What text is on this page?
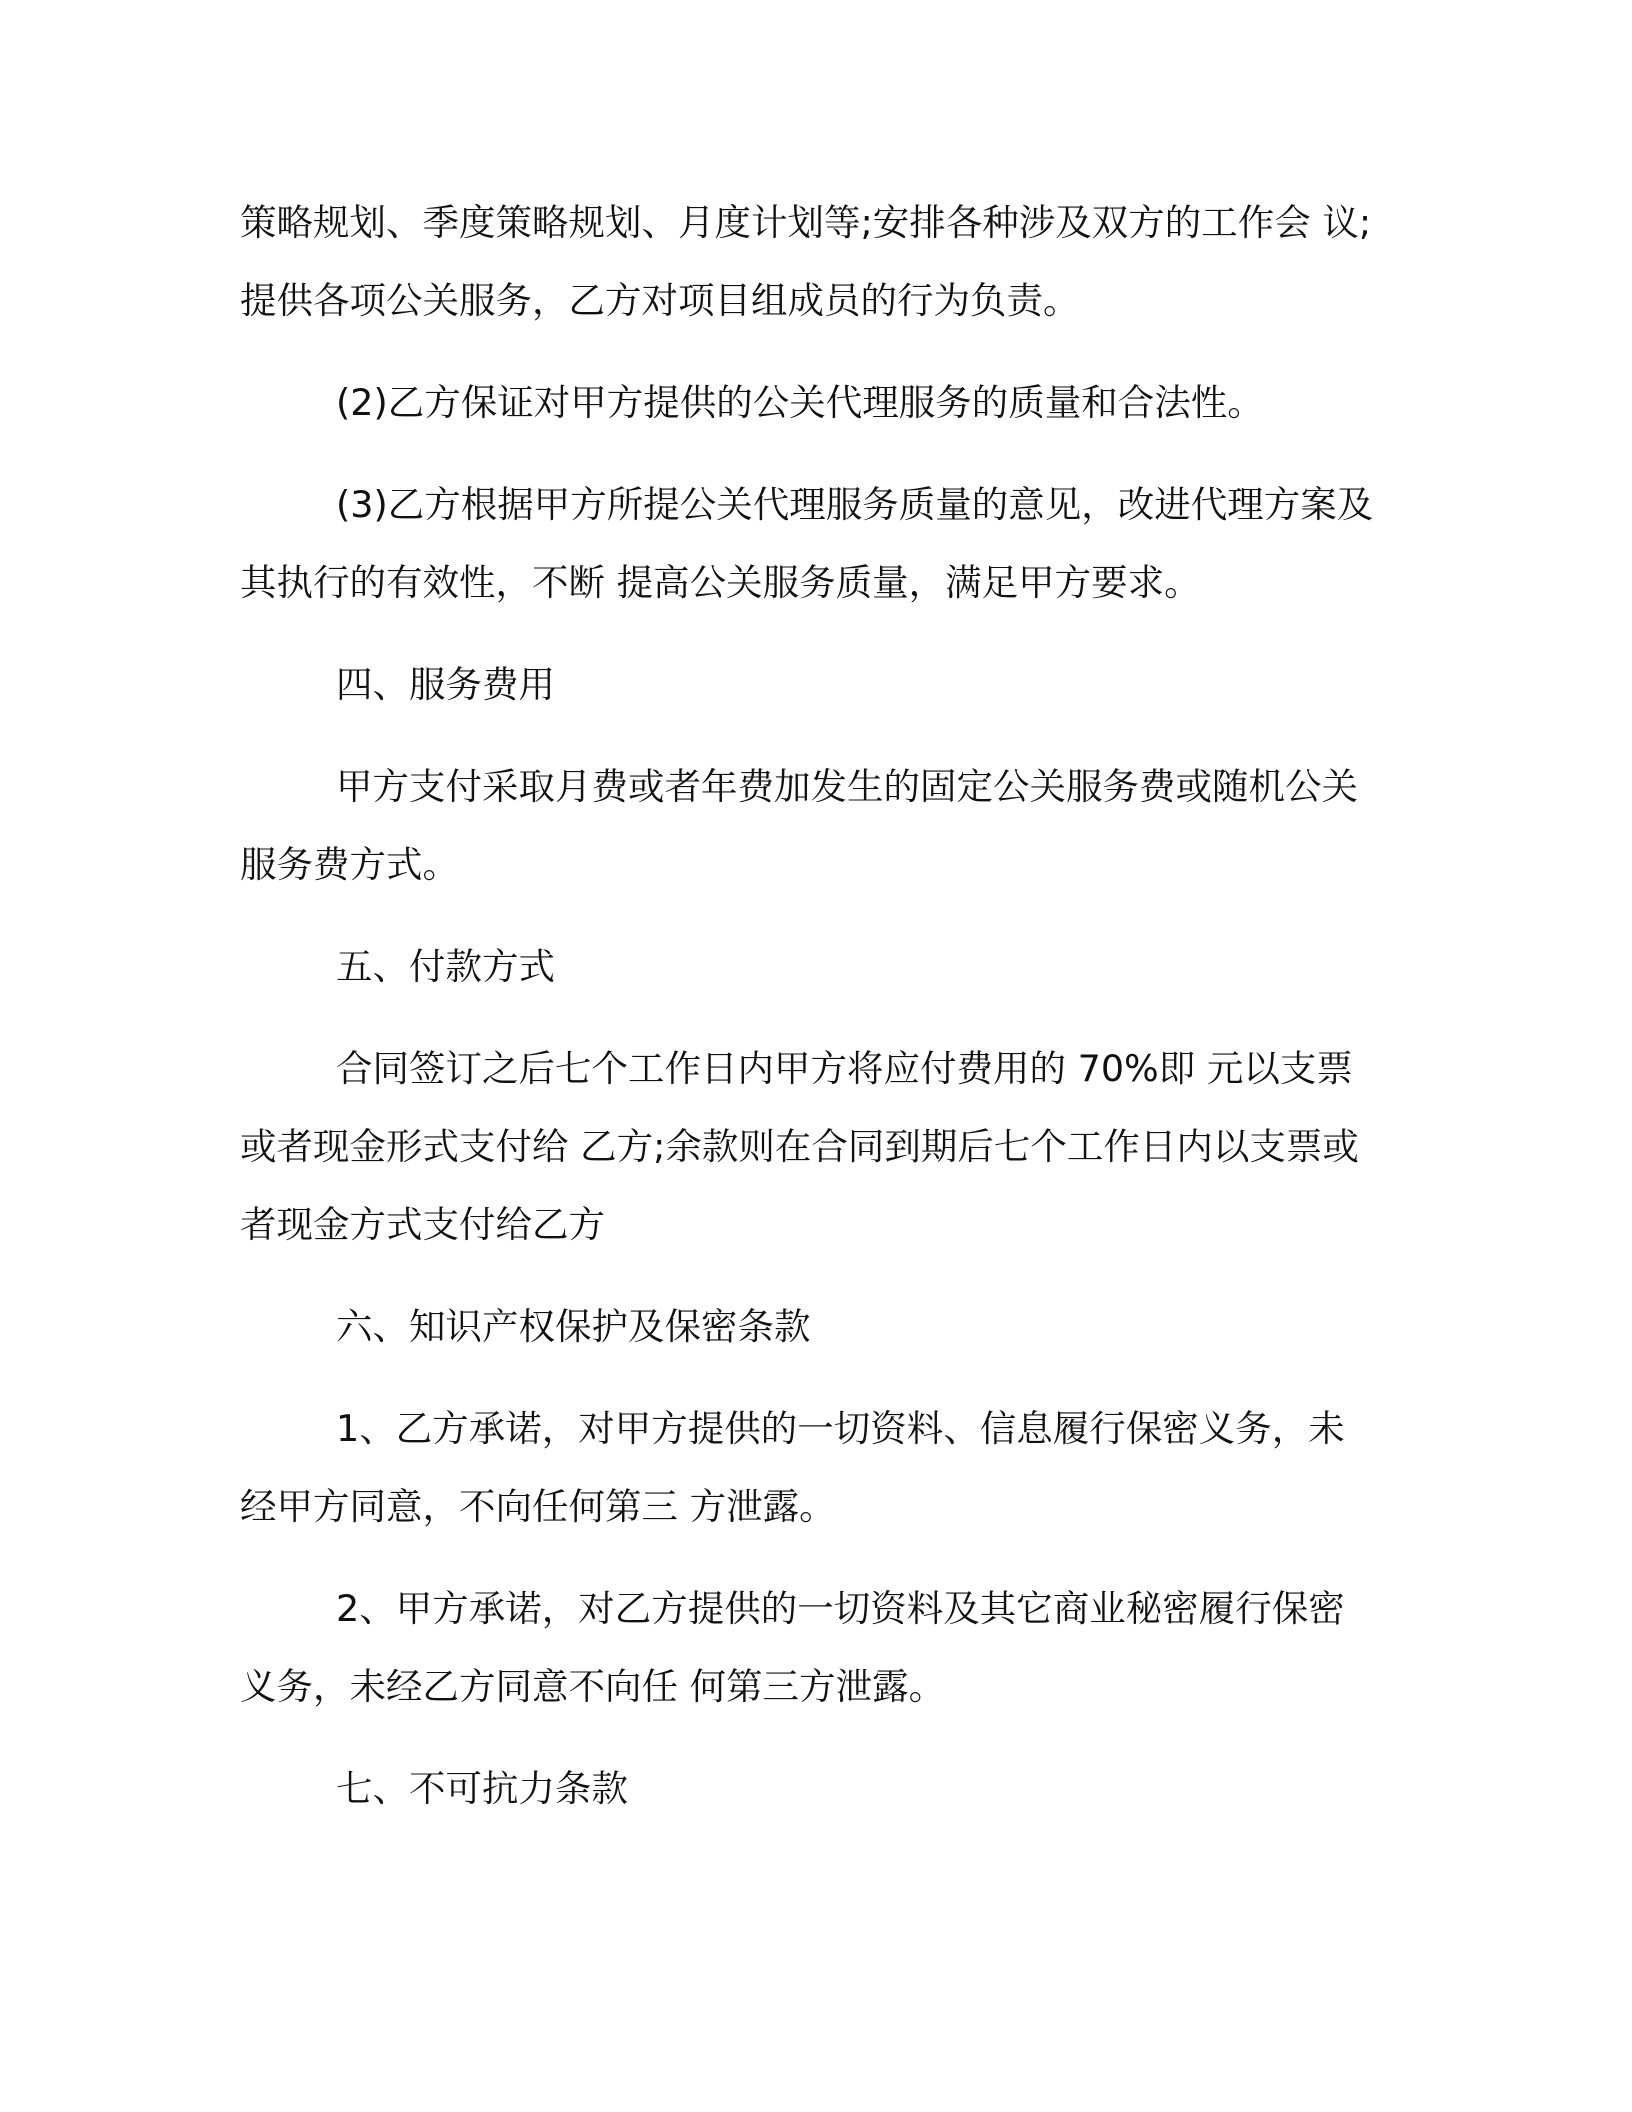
策略规划、季度策略规划、月度计划等;安排各种涉及双方的工作会 议;
提供各项公关服务，乙方对项目组成员的行为负责。

(2)乙方保证对甲方提供的公关代理服务的质量和合法性。

(3)乙方根据甲方所提公关代理服务质量的意见，改进代理方案及
其执行的有效性，不断 提高公关服务质量，满足甲方要求。

四、服务费用

甲方支付采取月费或者年费加发生的固定公关服务费或随机公关
服务费方式。

五、付款方式

合同签订之后七个工作日内甲方将应付费用的 70%即 元以支票
或者现金形式支付给 乙方;余款则在合同到期后七个工作日内以支票或
者现金方式支付给乙方

六、知识产权保护及保密条款

1、乙方承诺，对甲方提供的一切资料、信息履行保密义务，未
经甲方同意，不向任何第三 方泄露。

2、甲方承诺，对乙方提供的一切资料及其它商业秘密履行保密
义务，未经乙方同意不向任 何第三方泄露。

七、不可抗力条款
